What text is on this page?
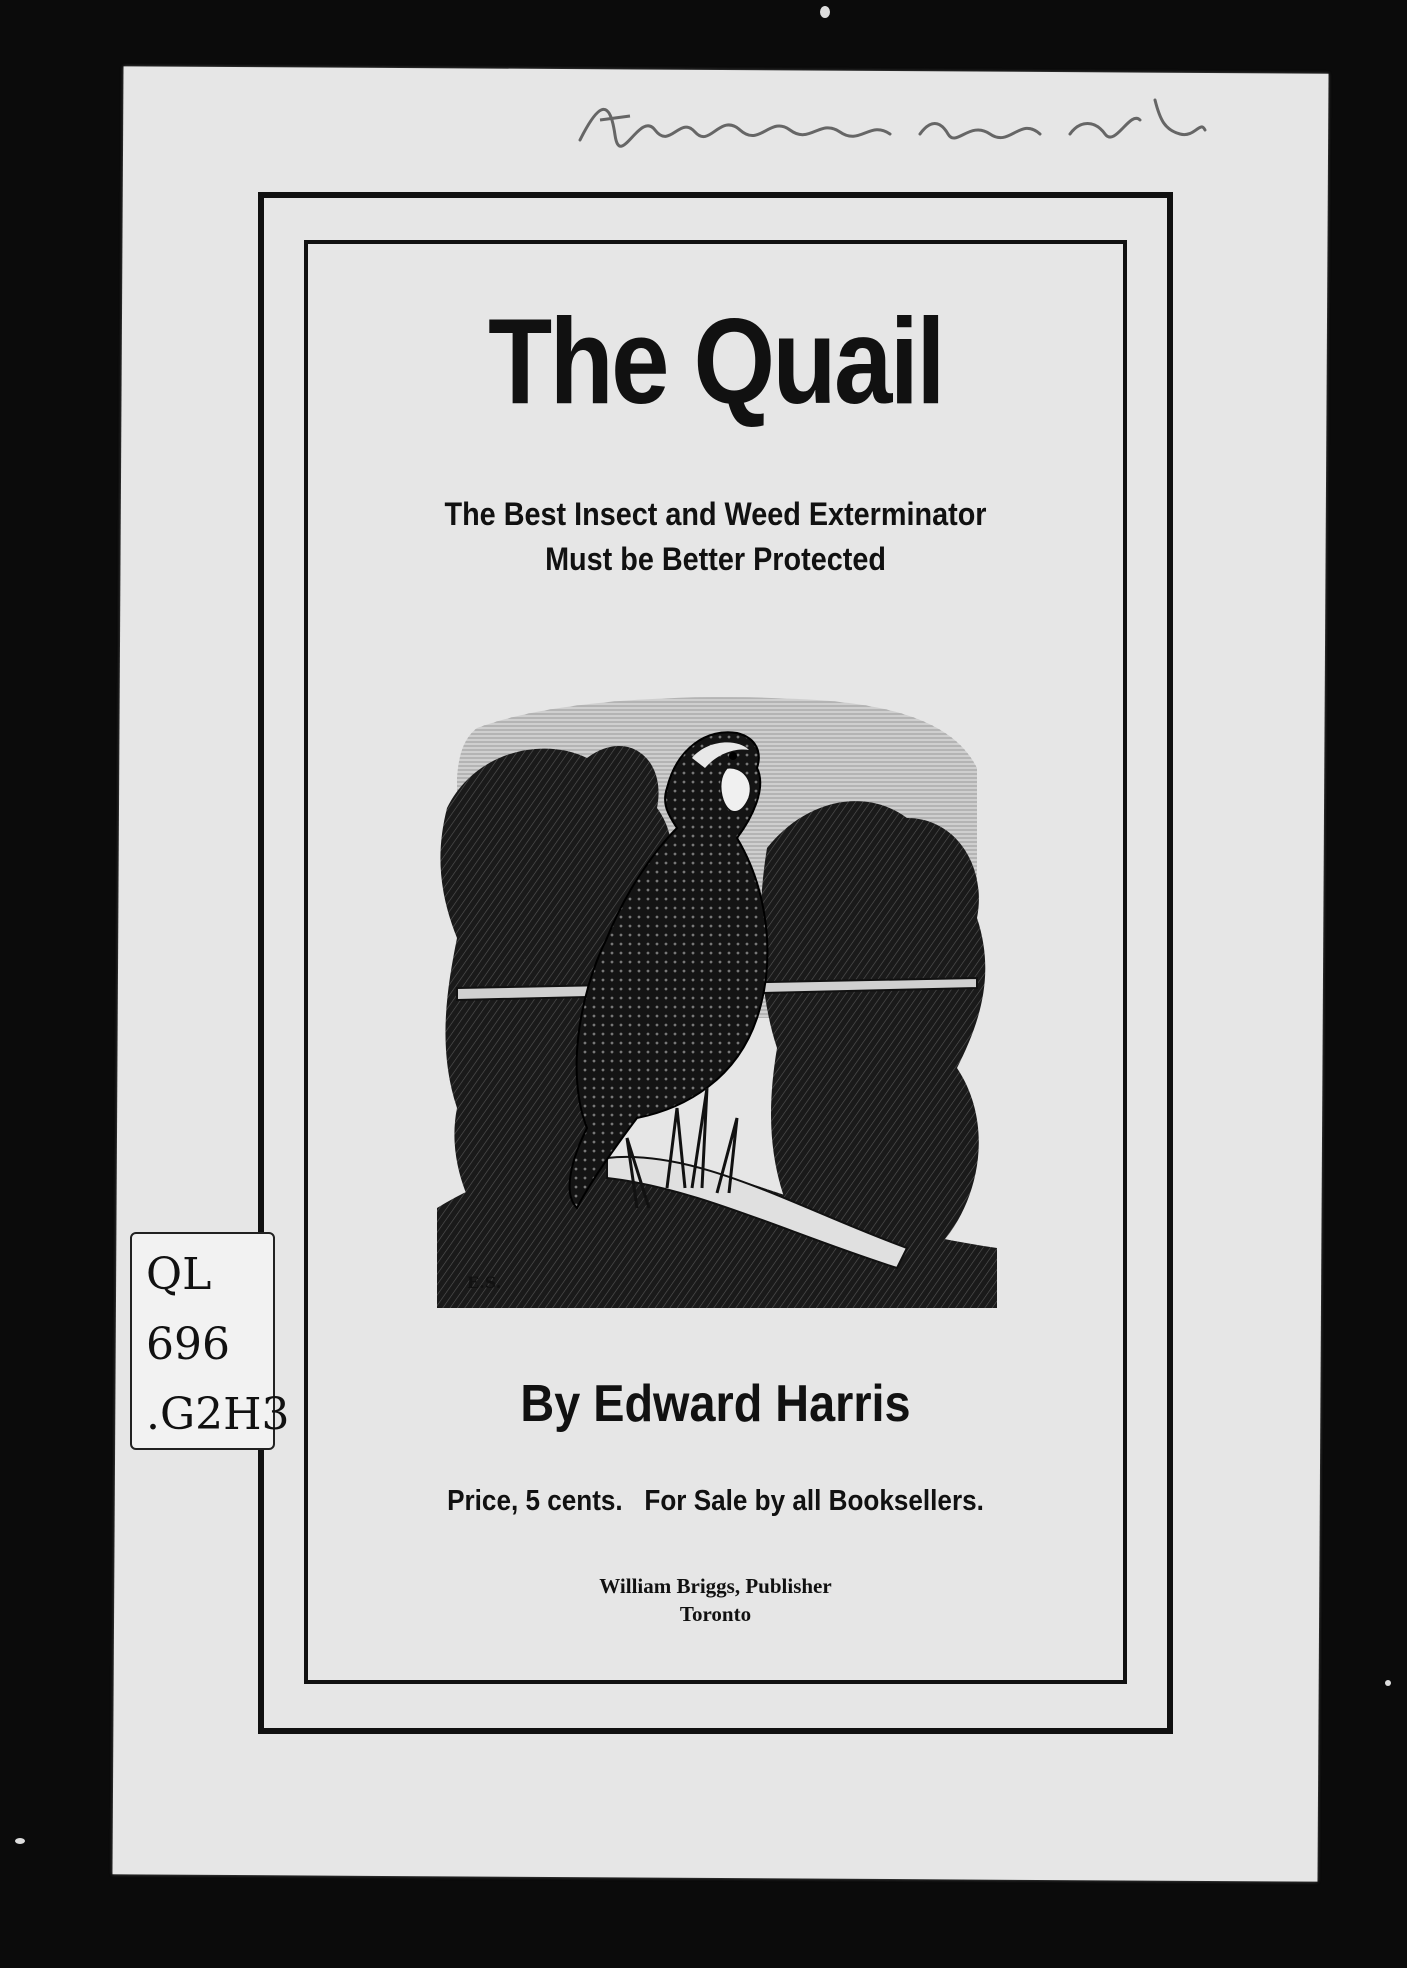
The Quail
The Best Insect and Weed Exterminator
Must be Better Protected
E.S.
By Edward Harris
Price, 5 cents.   For Sale by all Booksellers.
William Briggs, Publisher
Toronto
QL
696
.G2H3
